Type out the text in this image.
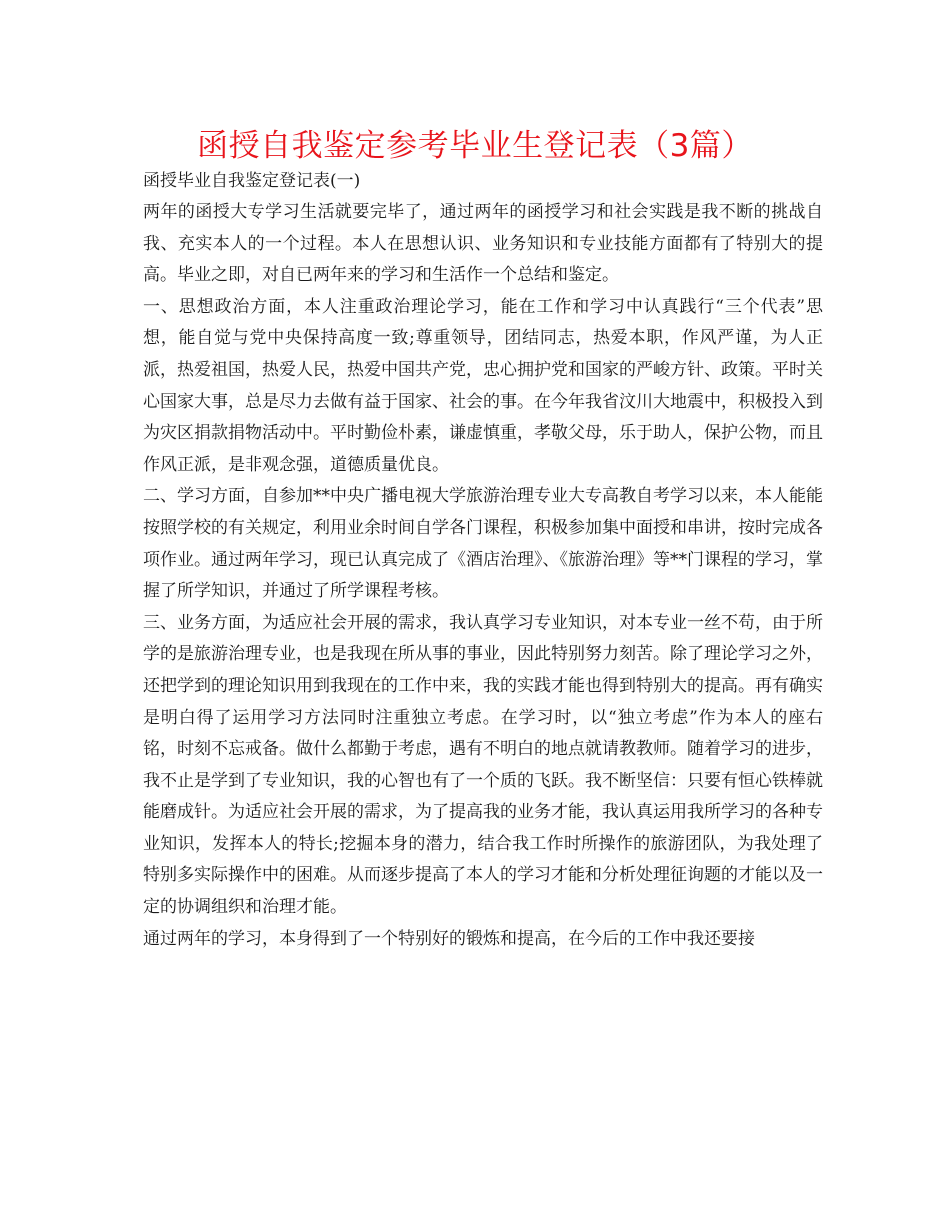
函授自我鉴定参考毕业生登记表（3篇）

函授毕业自我鉴定登记表(一)

两年的函授大专学习生活就要完毕了，通过两年的函授学习和社会实践是我不断的挑战自我、充实本人的一个过程。本人在思想认识、业务知识和专业技能方面都有了特别大的提高。毕业之即，对自已两年来的学习和生活作一个总结和鉴定。

一、思想政治方面，本人注重政治理论学习，能在工作和学习中认真践行“三个代表”思想，能自觉与党中央保持高度一致;尊重领导，团结同志，热爱本职，作风严谨，为人正派，热爱祖国，热爱人民，热爱中国共产党，忠心拥护党和国家的严峻方针、政策。平时关心国家大事，总是尽力去做有益于国家、社会的事。在今年我省汶川大地震中，积极投入到为灾区捐款捐物活动中。平时勤俭朴素，谦虚慎重，孝敬父母，乐于助人，保护公物，而且作风正派，是非观念强，道德质量优良。

二、学习方面，自参加**中央广播电视大学旅游治理专业大专高教自考学习以来，本人能能按照学校的有关规定，利用业余时间自学各门课程，积极参加集中面授和串讲，按时完成各项作业。通过两年学习，现已认真完成了《酒店治理》、《旅游治理》等**门课程的学习，掌握了所学知识，并通过了所学课程考核。

三、业务方面，为适应社会开展的需求，我认真学习专业知识，对本专业一丝不苟，由于所学的是旅游治理专业，也是我现在所从事的事业，因此特别努力刻苦。除了理论学习之外，还把学到的理论知识用到我现在的工作中来，我的实践才能也得到特别大的提高。再有确实是明白得了运用学习方法同时注重独立考虑。在学习时，以“独立考虑”作为本人的座右铭，时刻不忘戒备。做什么都勤于考虑，遇有不明白的地点就请教教师。随着学习的进步，我不止是学到了专业知识，我的心智也有了一个质的飞跃。我不断坚信：只要有恒心铁棒就能磨成针。为适应社会开展的需求，为了提高我的业务才能，我认真运用我所学习的各种专业知识，发挥本人的特长;挖掘本身的潜力，结合我工作时所操作的旅游团队，为我处理了特别多实际操作中的困难。从而逐步提高了本人的学习才能和分析处理征询题的才能以及一定的协调组织和治理才能。

通过两年的学习，本身得到了一个特别好的锻炼和提高，在今后的工作中我还要接
